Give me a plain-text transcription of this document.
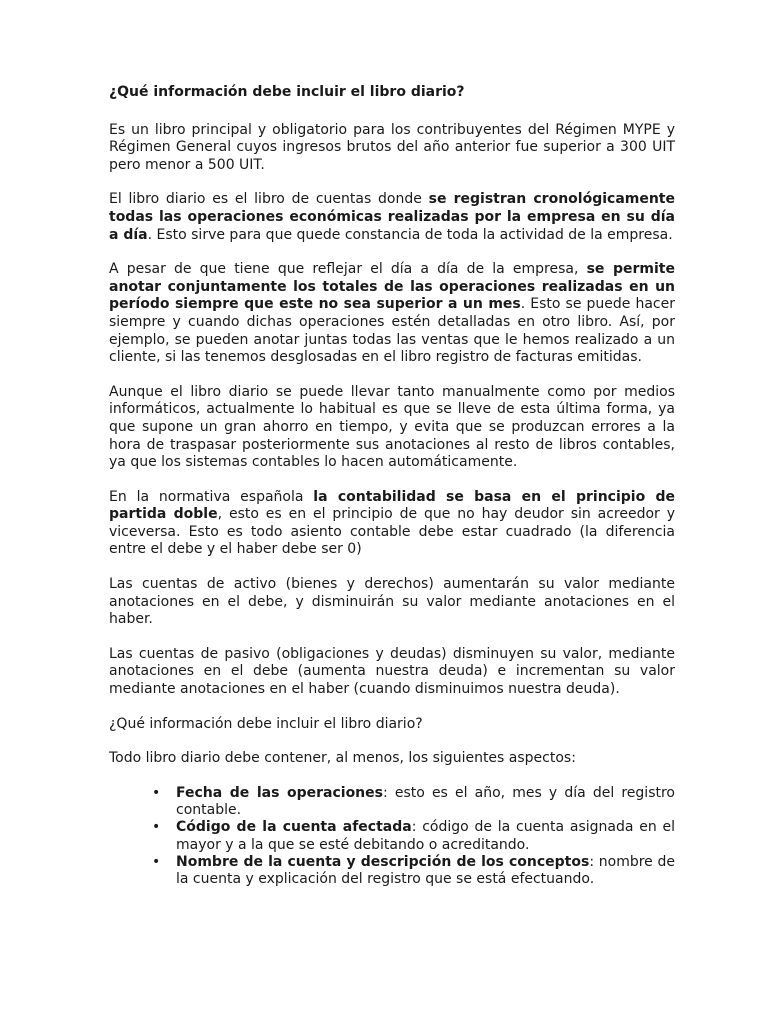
¿Qué información debe incluir el libro diario?

Es un libro principal y obligatorio para los contribuyentes del Régimen MYPE y Régimen General cuyos ingresos brutos del año anterior fue superior a 300 UIT pero menor a 500 UIT.

El libro diario es el libro de cuentas donde se registran cronológicamente todas las operaciones económicas realizadas por la empresa en su día a día. Esto sirve para que quede constancia de toda la actividad de la empresa.

A pesar de que tiene que reflejar el día a día de la empresa, se permite anotar conjuntamente los totales de las operaciones realizadas en un período siempre que este no sea superior a un mes. Esto se puede hacer siempre y cuando dichas operaciones estén detalladas en otro libro. Así, por ejemplo, se pueden anotar juntas todas las ventas que le hemos realizado a un cliente, si las tenemos desglosadas en el libro registro de facturas emitidas.

Aunque el libro diario se puede llevar tanto manualmente como por medios informáticos, actualmente lo habitual es que se lleve de esta última forma, ya que supone un gran ahorro en tiempo, y evita que se produzcan errores a la hora de traspasar posteriormente sus anotaciones al resto de libros contables, ya que los sistemas contables lo hacen automáticamente.

En la normativa española la contabilidad se basa en el principio de partida doble, esto es en el principio de que no hay deudor sin acreedor y viceversa. Esto es todo asiento contable debe estar cuadrado (la diferencia entre el debe y el haber debe ser 0)

Las cuentas de activo (bienes y derechos) aumentarán su valor mediante anotaciones en el debe, y disminuirán su valor mediante anotaciones en el haber.

Las cuentas de pasivo (obligaciones y deudas) disminuyen su valor, mediante anotaciones en el debe (aumenta nuestra deuda) e incrementan su valor mediante anotaciones en el haber (cuando disminuimos nuestra deuda).

¿Qué información debe incluir el libro diario?

Todo libro diario debe contener, al menos, los siguientes aspectos:

• Fecha de las operaciones: esto es el año, mes y día del registro contable.
• Código de la cuenta afectada: código de la cuenta asignada en el mayor y a la que se esté debitando o acreditando.
• Nombre de la cuenta y descripción de los conceptos: nombre de la cuenta y explicación del registro que se está efectuando.
